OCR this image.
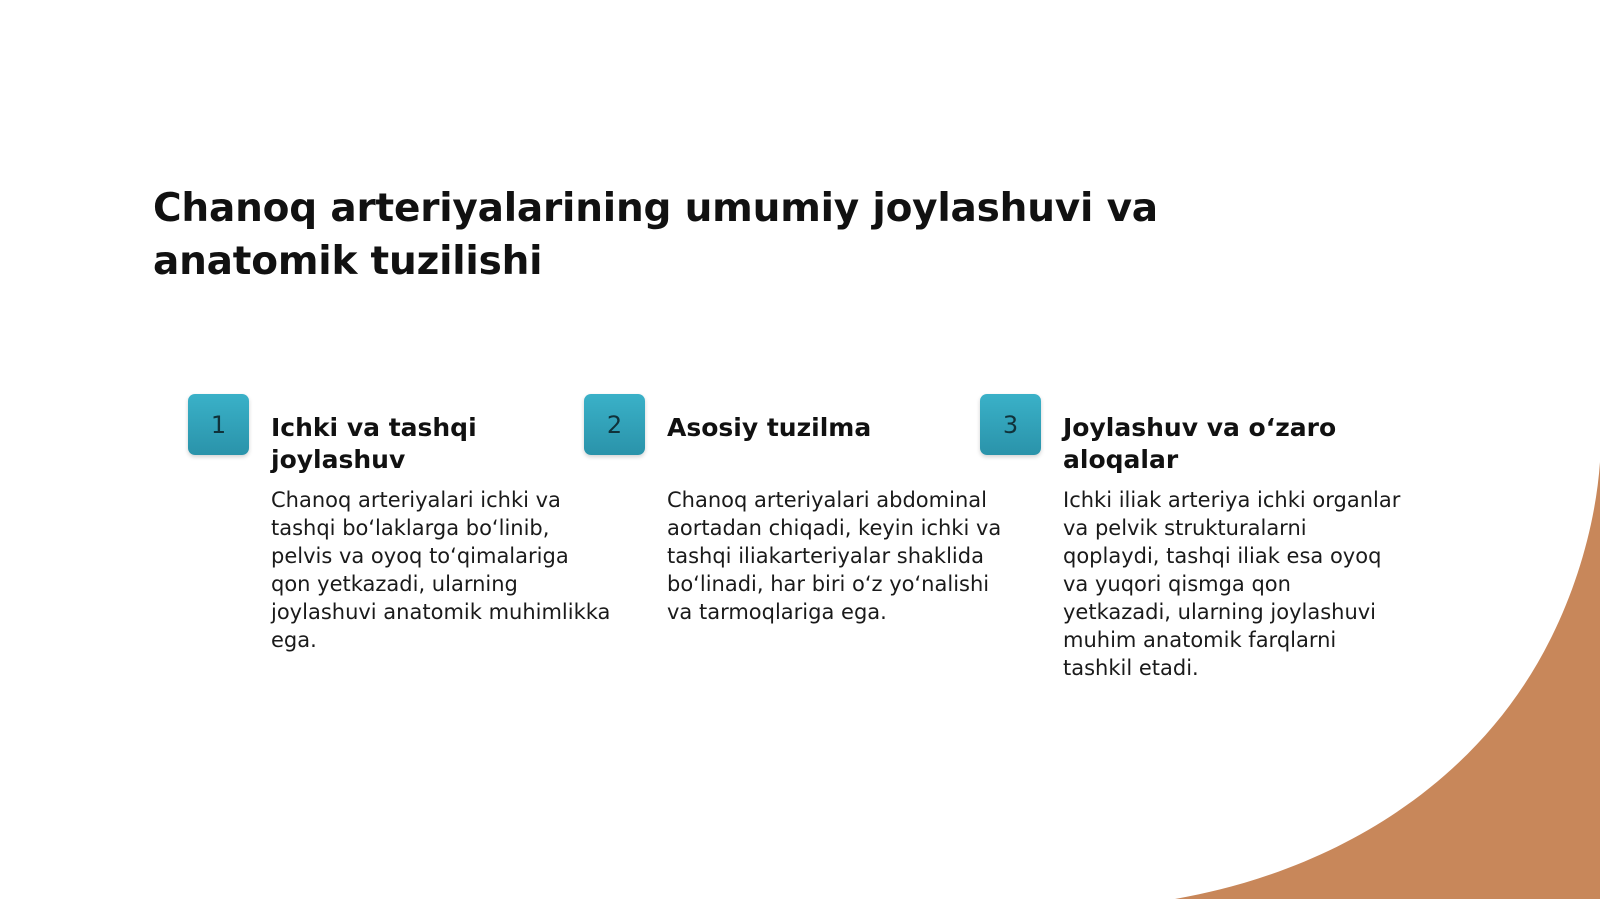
Chanoq arteriyalarining umumiy joylashuvi va anatomik tuzilishi
1	Ichki va tashqi joylashuv

Chanoq arteriyalari ichki va tashqi bo‘laklarga bo‘linib, pelvis va oyoq to‘qimalariga qon yetkazadi, ularning joylashuvi anatomik muhimlikka ega.

2	Asosiy tuzilma

Chanoq arteriyalari abdominal aortadan chiqadi, keyin ichki va tashqi iliakarteriyalar shaklida bo‘linadi, har biri o‘z yo‘nalishi va tarmoqlariga ega.

3	Joylashuv va o‘zaro aloqalar

Ichki iliak arteriya ichki organlar va pelvik strukturalarni qoplaydi, tashqi iliak esa oyoq va yuqori qismga qon yetkazadi, ularning joylashuvi muhim anatomik farqlarni tashkil etadi.
